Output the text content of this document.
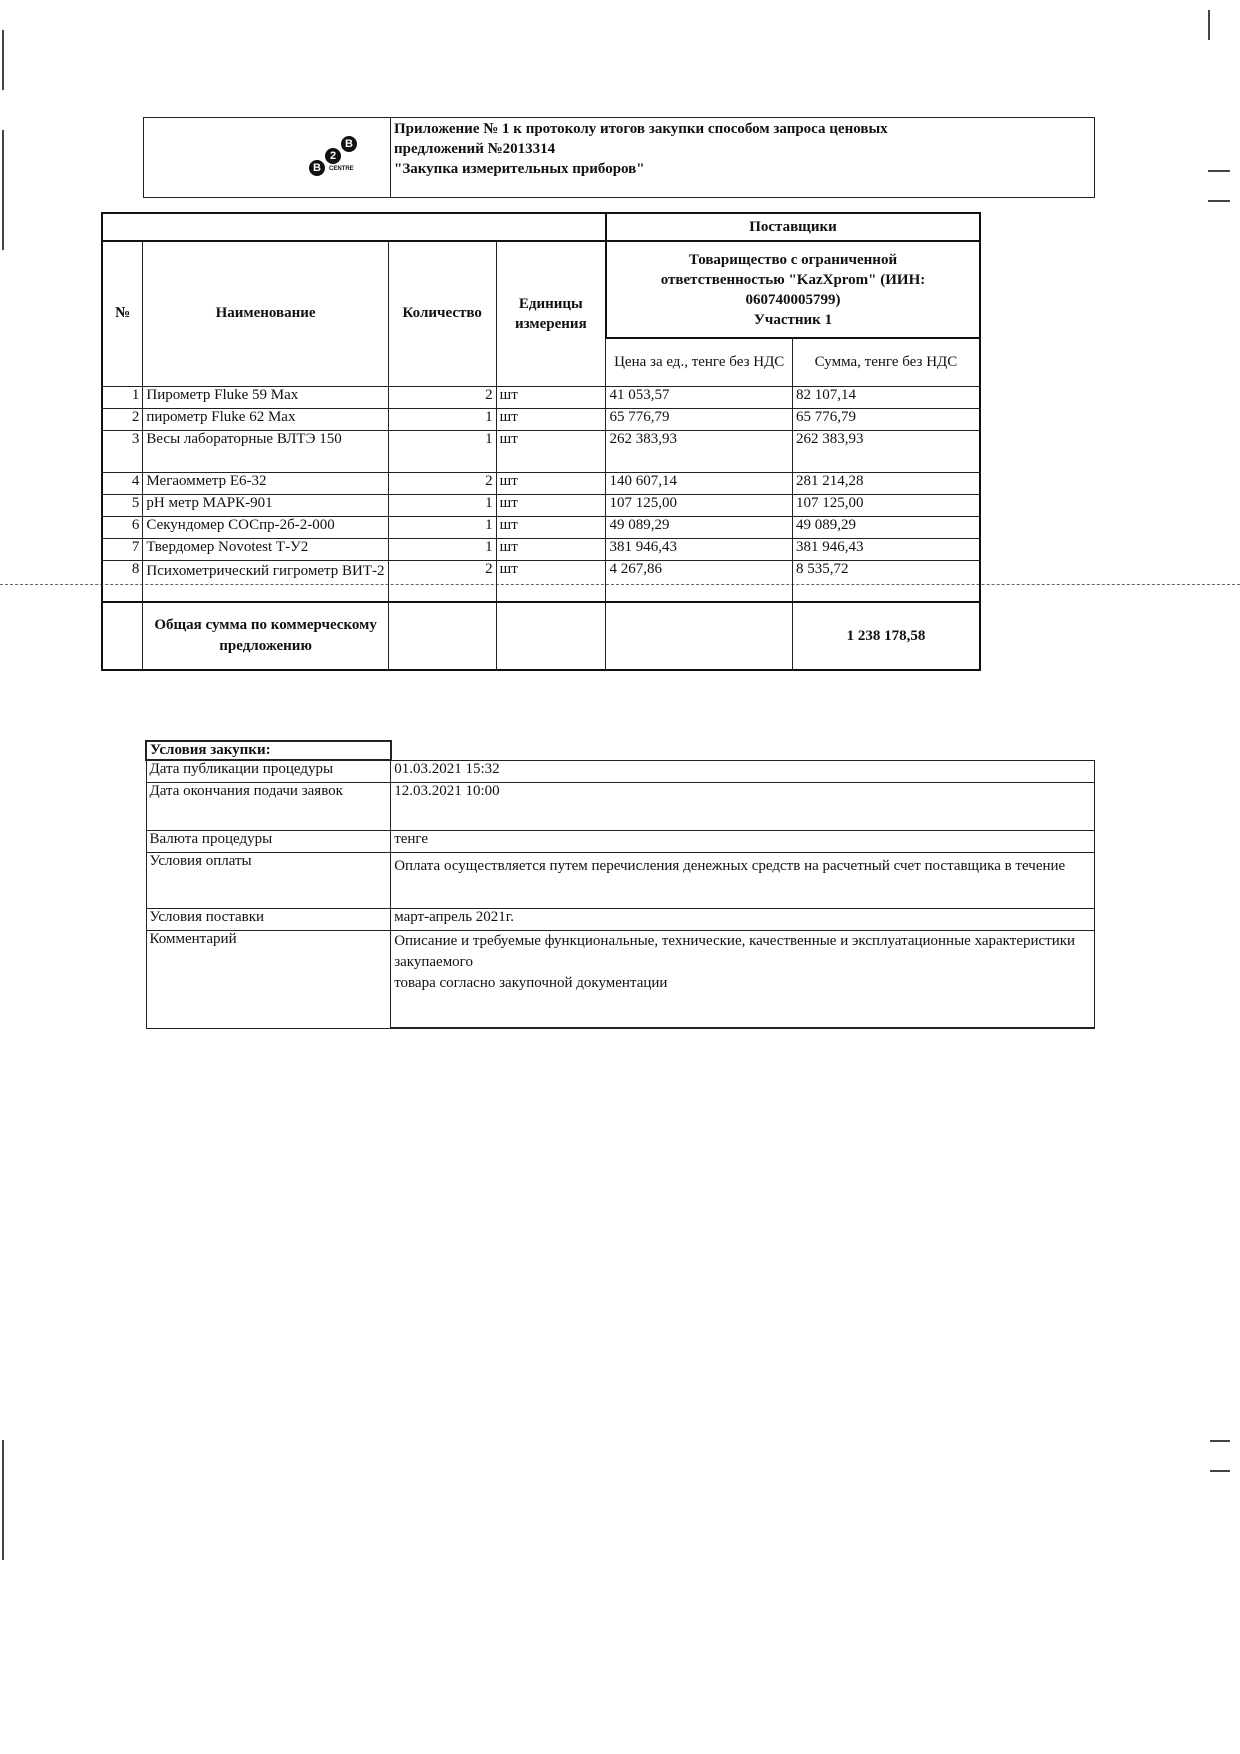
B
2
B
CENTRE

Приложение № 1 к протоколу итогов закупки способом запроса ценовых
предложений №2013314
"Закупка измерительных приборов"
				Поставщики	
№	Наименование	Количество	Единицы измерения	Товарищество с ограниченной ответственностью "KazXprom" (ИИН: 060740005799)
Участник 1	

				Цена за ед., тенге без НДС	Сумма, тенге без НДС
1	Пирометр Fluke 59 Max	2	шт	41 053,57	82 107,14
2	пирометр Fluke 62 Max	1	шт	65 776,79	65 776,79
3	Весы лабораторные ВЛТЭ 150	1	шт	262 383,93	262 383,93
4	Мегаомметр Е6-32	2	шт	140 607,14	281 214,28
5	pH метр МАРК-901	1	шт	107 125,00	107 125,00
6	Секундомер СОСпр-2б-2-000	1	шт	49 089,29	49 089,29
7	Твердомер Novotest Т-У2	1	шт	381 946,43	381 946,43
8	Психометрический гигрометр ВИТ-2	2	шт	4 267,86	8 535,72
	Общая сумма по коммерческому предложению				1 238 178,58
Условия закупки:	
Дата публикации процедуры	01.03.2021 15:32
Дата окончания подачи заявок	12.03.2021 10:00
Валюта процедуры	тенге
Условия оплаты	Оплата осуществляется путем перечисления денежных средств на расчетный счет поставщика в течение
Условия поставки	март-апрель 2021г.
Комментарий	Описание и требуемые функциональные, технические, качественные и эксплуатационные характеристики закупаемого
товара согласно закупочной документации
